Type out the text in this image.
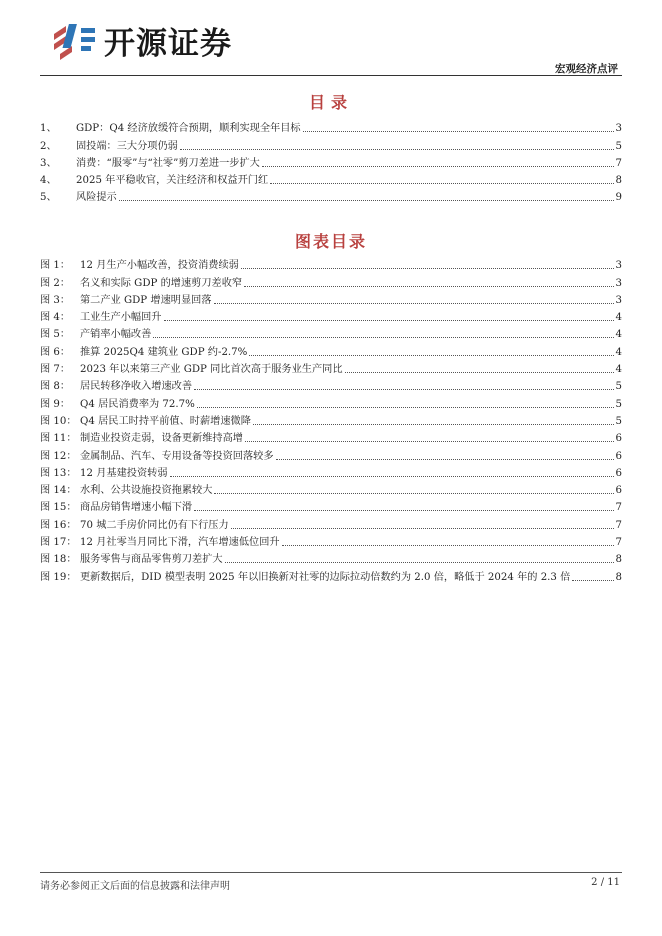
开源证券
宏观经济点评
目录
1、	GDP：Q4 经济放缓符合预期，顺利实现全年目标	3
2、	固投端：三大分项仍弱	5
3、	消费：“服零”与“社零”剪刀差进一步扩大	7
4、	2025 年平稳收官，关注经济和权益开门红	8
5、	风险提示	9
图表目录
图 1： 12 月生产小幅改善，投资消费续弱	3
图 2： 名义和实际 GDP 的增速剪刀差收窄	3
图 3： 第二产业 GDP 增速明显回落	3
图 4： 工业生产小幅回升	4
图 5： 产销率小幅改善	4
图 6： 推算 2025Q4 建筑业 GDP 约-2.7%	4
图 7： 2023 年以来第三产业 GDP 同比首次高于服务业生产同比	4
图 8： 居民转移净收入增速改善	5
图 9： Q4 居民消费率为 72.7%	5
图 10： Q4 居民工时持平前值、时薪增速微降	5
图 11： 制造业投资走弱，设备更新维持高增	6
图 12： 金属制品、汽车、专用设备等投资回落较多	6
图 13： 12 月基建投资转弱	6
图 14： 水利、公共设施投资拖累较大	6
图 15： 商品房销售增速小幅下滑	7
图 16： 70 城二手房价同比仍有下行压力	7
图 17： 12 月社零当月同比下滑，汽车增速低位回升	7
图 18： 服务零售与商品零售剪刀差扩大	8
图 19： 更新数据后，DID 模型表明 2025 年以旧换新对社零的边际拉动倍数约为 2.0 倍，略低于 2024 年的 2.3 倍	8
请务必参阅正文后面的信息披露和法律声明	2 / 11
